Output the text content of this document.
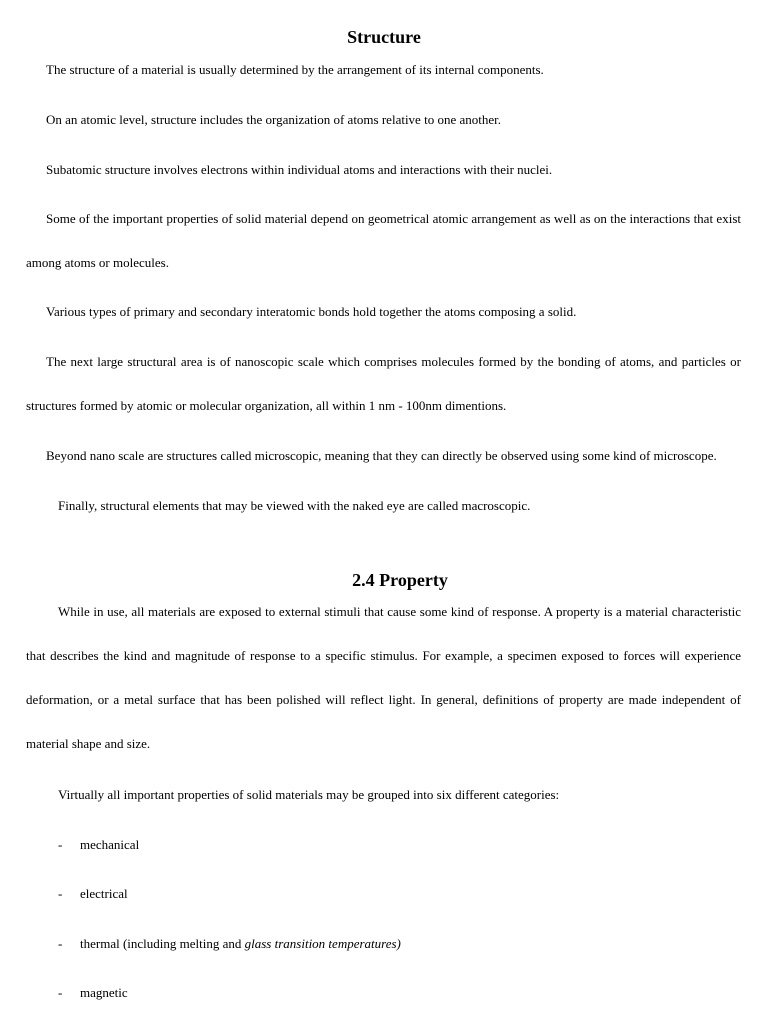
Structure

The structure of a material is usually determined by the arrangement of its internal components.

On an atomic level, structure includes the organization of atoms relative to one another.

Subatomic structure involves electrons within individual atoms and interactions with their nuclei.

Some of the important properties of solid material depend on geometrical atomic arrangement as well as on the interactions that exist among atoms or molecules.

Various types of primary and secondary interatomic bonds hold together the atoms composing a solid.

The next large structural area is of nanoscopic scale which comprises molecules formed by the bonding of atoms, and particles or structures formed by atomic or molecular organization, all within 1 nm - 100nm dimentions.

Beyond nano scale are structures called microscopic, meaning that they can directly be observed using some kind of microscope.

Finally, structural elements that may be viewed with the naked eye are called macroscopic.

2.4 Property

While in use, all materials are exposed to external stimuli that cause some kind of response. A property is a material characteristic that describes the kind and magnitude of response to a specific stimulus. For example, a specimen exposed to forces will experience deformation, or a metal surface that has been polished will reflect light. In general, definitions of property are made independent of material shape and size.

Virtually all important properties of solid materials may be grouped into six different categories:

- mechanical
- electrical
- thermal (including melting and glass transition temperatures)
- magnetic
